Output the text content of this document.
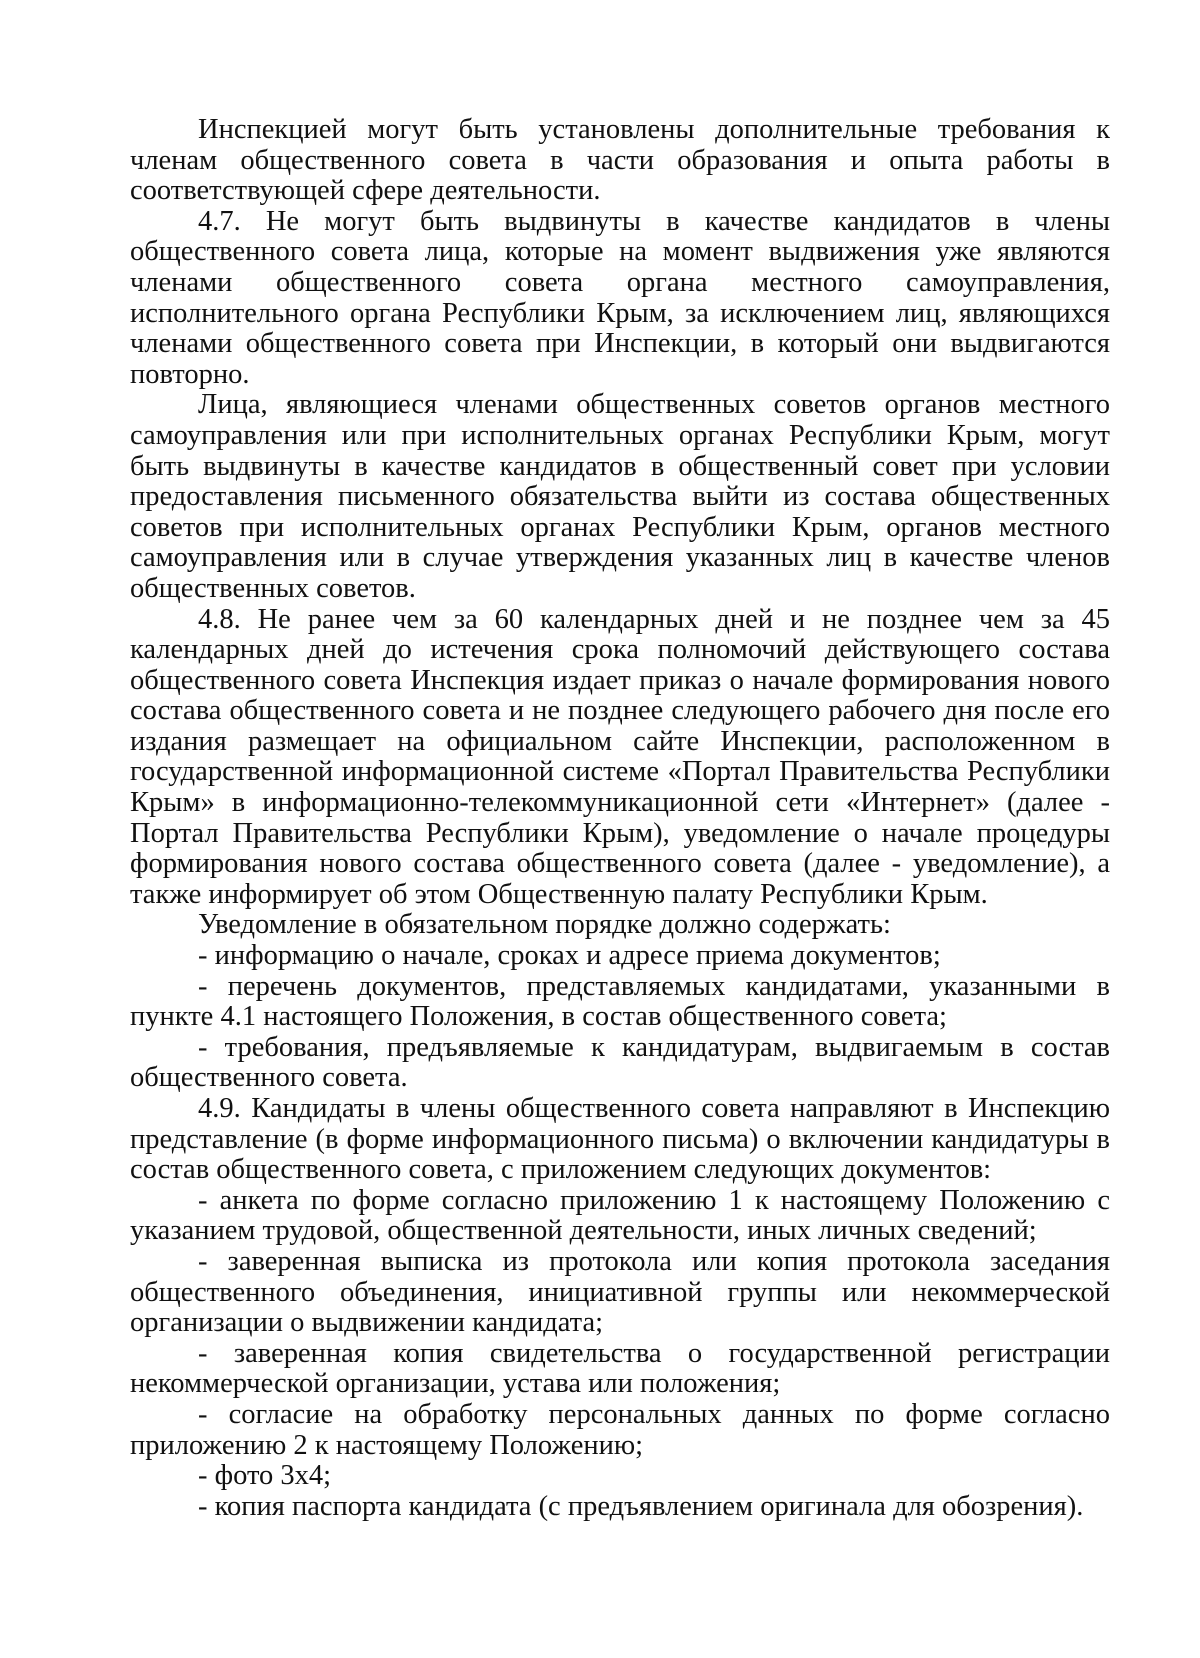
Инспекцией могут быть установлены дополнительные требования к членам общественного совета в части образования и опыта работы в соответствующей сфере деятельности.

4.7. Не могут быть выдвинуты в качестве кандидатов в члены общественного совета лица, которые на момент выдвижения уже являются членами общественного совета органа местного самоуправления, исполнительного органа Республики Крым, за исключением лиц, являющихся членами общественного совета при Инспекции, в который они выдвигаются повторно.

Лица, являющиеся членами общественных советов органов местного самоуправления или при исполнительных органах Республики Крым, могут быть выдвинуты в качестве кандидатов в общественный совет при условии предоставления письменного обязательства выйти из состава общественных советов при исполнительных органах Республики Крым, органов местного самоуправления или в случае утверждения указанных лиц в качестве членов общественных советов.

4.8. Не ранее чем за 60 календарных дней и не позднее чем за 45 календарных дней до истечения срока полномочий действующего состава общественного совета Инспекция издает приказ о начале формирования нового состава общественного совета и не позднее следующего рабочего дня после его издания размещает на официальном сайте Инспекции, расположенном в государственной информационной системе «Портал Правительства Республики Крым» в информационно-телекоммуникационной сети «Интернет» (далее - Портал Правительства Республики Крым), уведомление о начале процедуры формирования нового состава общественного совета (далее - уведомление), а также информирует об этом Общественную палату Республики Крым.

Уведомление в обязательном порядке должно содержать:

- информацию о начале, сроках и адресе приема документов;

- перечень документов, представляемых кандидатами, указанными в пункте 4.1 настоящего Положения, в состав общественного совета;

- требования, предъявляемые к кандидатурам, выдвигаемым в состав общественного совета.

4.9. Кандидаты в члены общественного совета направляют в Инспекцию представление (в форме информационного письма) о включении кандидатуры в состав общественного совета, с приложением следующих документов:

- анкета по форме согласно приложению 1 к настоящему Положению с указанием трудовой, общественной деятельности, иных личных сведений;

- заверенная выписка из протокола или копия протокола заседания общественного объединения, инициативной группы или некоммерческой организации о выдвижении кандидата;

- заверенная копия свидетельства о государственной регистрации некоммерческой организации, устава или положения;

- согласие на обработку персональных данных по форме согласно приложению 2 к настоящему Положению;

- фото 3х4;

- копия паспорта кандидата (с предъявлением оригинала для обозрения).
